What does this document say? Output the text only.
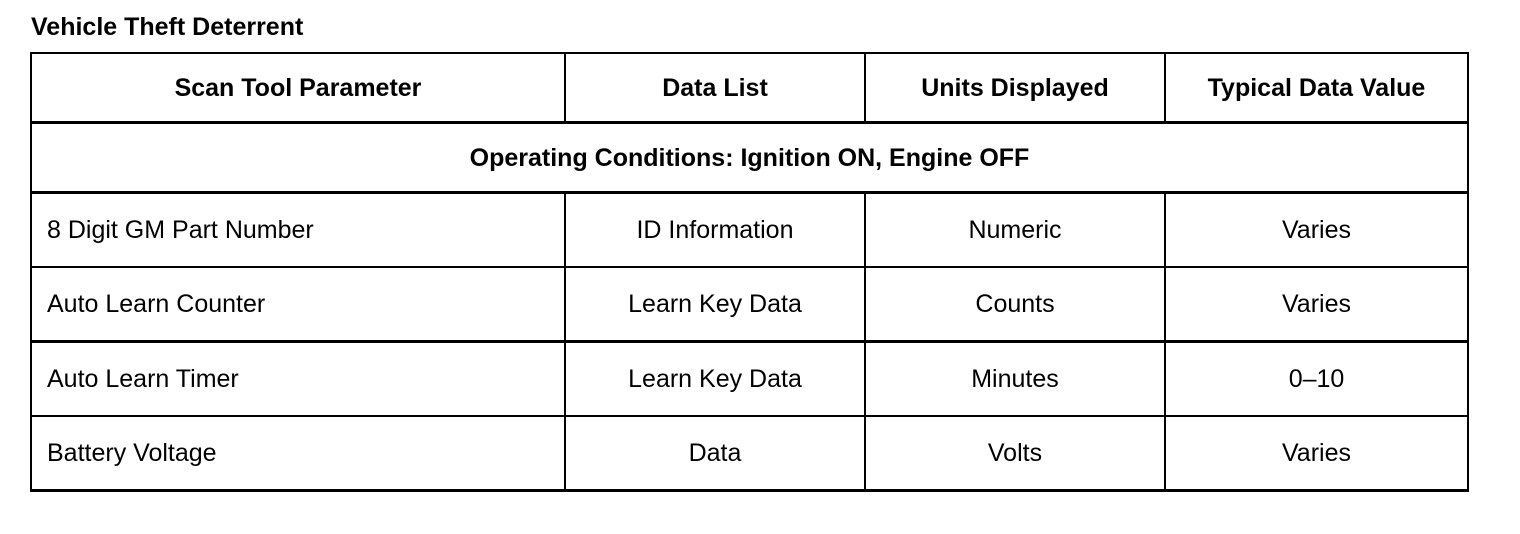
Vehicle Theft Deterrent
Scan Tool Parameter	Data List	Units Displayed	Typical Data Value
Operating Conditions: Ignition ON, Engine OFF			
8 Digit GM Part Number	ID Information	Numeric	Varies
Auto Learn Counter	Learn Key Data	Counts	Varies
Auto Learn Timer	Learn Key Data	Minutes	0–10
Battery Voltage	Data	Volts	Varies
